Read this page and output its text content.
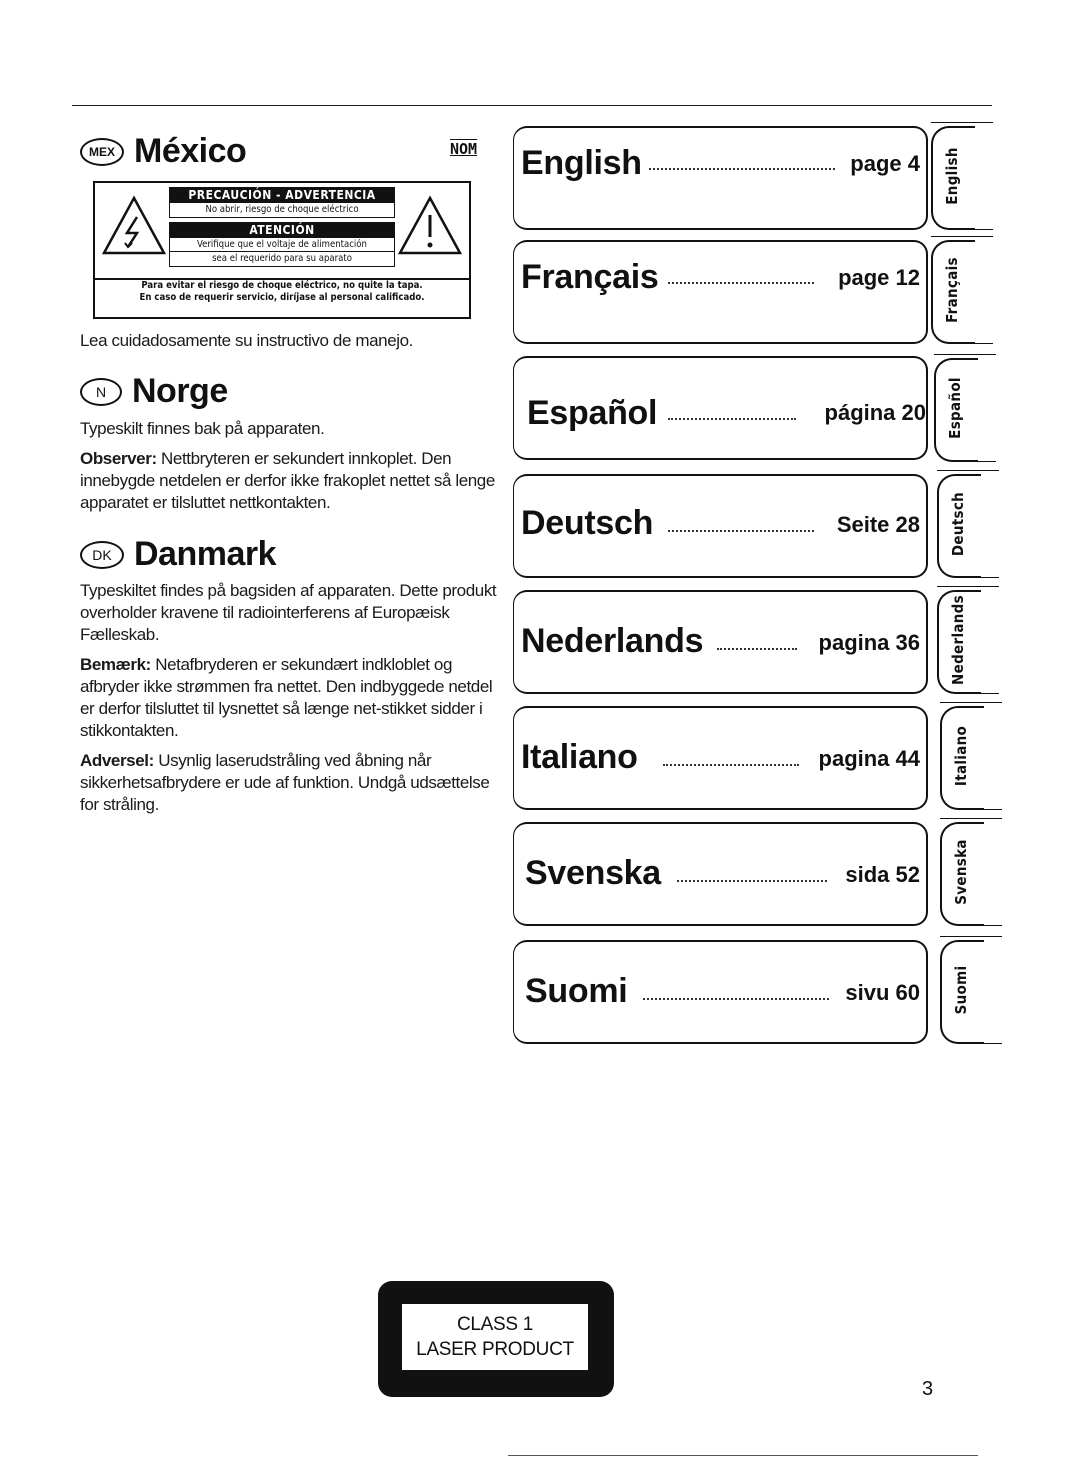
MEX México	NOM
PRECAUCIÓN - ADVERTENCIA
No abrir, riesgo de choque eléctrico
ATENCIÓN
Verifique que el voltaje de alimentación
sea el requerido para su aparato
Para evitar el riesgo de choque eléctrico, no quite la tapa.
En caso de requerir servicio, diríjase al personal calificado.
Lea cuidadosamente su instructivo de manejo.
N Norge
Typeskilt finnes bak på apparaten.
Observer: Nettbryteren er sekundert innkoplet. Den innebygde netdelen er derfor ikke frakoplet nettet så lenge apparatet er tilsluttet nettkontakten.
DK Danmark
Typeskiltet findes på bagsiden af apparaten. Dette produkt overholder kravene til radiointerferens af Europæisk Fælleskab.
Bemærk: Netafbryderen er sekundært indkloblet og afbryder ikke strømmen fra nettet. Den indbyggede netdel er derfor tilsluttet til lysnettet så længe net-stikket sidder i stikkontakten.
Adversel: Usynlig laserudstråling ved åbning når sikkerhetsafbrydere er ude af funktion. Undgå udsættelse for stråling.
English	page 4 English
Français	page 12 Français
Español	página 20 Español
Deutsch	Seite 28 Deutsch
Nederlands	pagina 36 Nederlands
Italiano	pagina 44 Italiano
Svenska	sida 52 Svenska
Suomi	sivu 60 Suomi
CLASS 1
LASER PRODUCT
3
